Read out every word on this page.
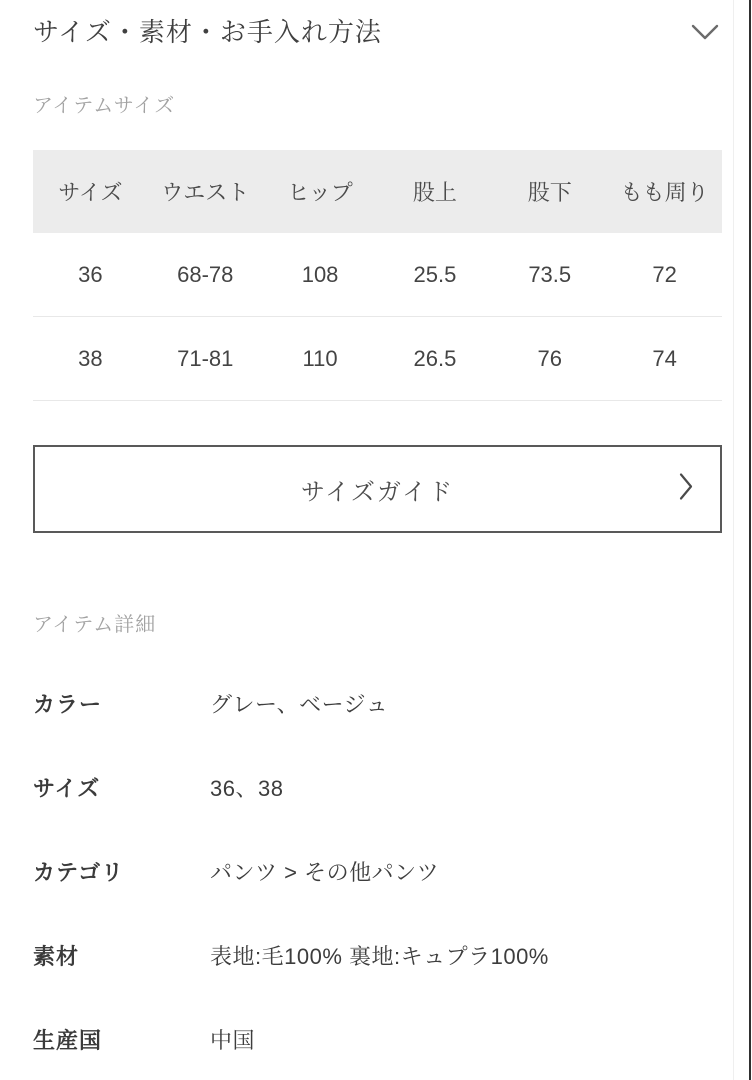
サイズ・素材・お手入れ方法
アイテムサイズ
サイズ	ウエスト	ヒップ	股上	股下	もも周り
36	68-78	108	25.5	73.5	72
38	71-81	110	26.5	76	74
サイズガイド
アイテム詳細
カラー	グレー、ベージュ
サイズ	36、38
カテゴリ	パンツ > その他パンツ
素材	表地:毛100% 裏地:キュプラ100%
生産国	中国
